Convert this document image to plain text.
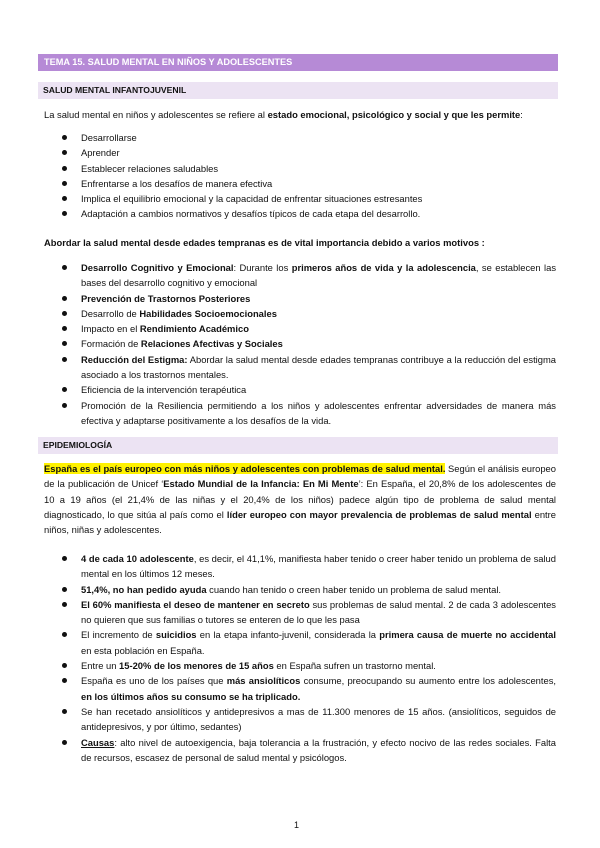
TEMA 15. SALUD MENTAL EN NIÑOS Y ADOLESCENTES
SALUD MENTAL INFANTOJUVENIL

La salud mental en niños y adolescentes se refiere al estado emocional, psicológico y social y que les permite:

Desarrollarse
Aprender
Establecer relaciones saludables
Enfrentarse a los desafíos de manera efectiva
Implica el equilibrio emocional y la capacidad de enfrentar situaciones estresantes
Adaptación a cambios normativos y desafíos típicos de cada etapa del desarrollo.

Abordar la salud mental desde edades tempranas es de vital importancia debido a varios motivos :

Desarrollo Cognitivo y Emocional: Durante los primeros años de vida y la adolescencia, se establecen las bases del desarrollo cognitivo y emocional
Prevención de Trastornos Posteriores
Desarrollo de Habilidades Socioemocionales
Impacto en el Rendimiento Académico
Formación de Relaciones Afectivas y Sociales
Reducción del Estigma: Abordar la salud mental desde edades tempranas contribuye a la reducción del estigma asociado a los trastornos mentales.
Eficiencia de la intervención terapéutica
Promoción de la Resiliencia permitiendo a los niños y adolescentes enfrentar adversidades de manera más efectiva y adaptarse positivamente a los desafíos de la vida.
EPIDEMIOLOGÍA

España es el país europeo con más niños y adolescentes con problemas de salud mental. Según el análisis europeo de la publicación de Unicef ‘Estado Mundial de la Infancia: En Mi Mente’: En España, el 20,8% de los adolescentes de 10 a 19 años (el 21,4% de las niñas y el 20,4% de los niños) padece algún tipo de problema de salud mental diagnosticado, lo que sitúa al país como el líder europeo con mayor prevalencia de problemas de salud mental entre niños, niñas y adolescentes.

4 de cada 10 adolescente, es decir, el 41,1%, manifiesta haber tenido o creer haber tenido un problema de salud mental en los últimos 12 meses.
51,4%, no han pedido ayuda cuando han tenido o creen haber tenido un problema de salud mental.
El 60% manifiesta el deseo de mantener en secreto sus problemas de salud mental. 2 de cada 3 adolescentes no quieren que sus familias o tutores se enteren de lo que les pasa
El incremento de suicidios en la etapa infanto-juvenil, considerada la primera causa de muerte no accidental en esta población en España.
Entre un 15-20% de los menores de 15 años en España sufren un trastorno mental.
España es uno de los países que más ansiolíticos consume, preocupando su aumento entre los adolescentes, en los últimos años su consumo se ha triplicado.
Se han recetado ansiolíticos y antidepresivos a mas de 11.300 menores de 15 años. (ansiolíticos, seguidos de antidepresivos, y por último, sedantes)
Causas: alto nivel de autoexigencia, baja tolerancia a la frustración, y efecto nocivo de las redes sociales. Falta de recursos, escasez de personal de salud mental y psicólogos.
1
